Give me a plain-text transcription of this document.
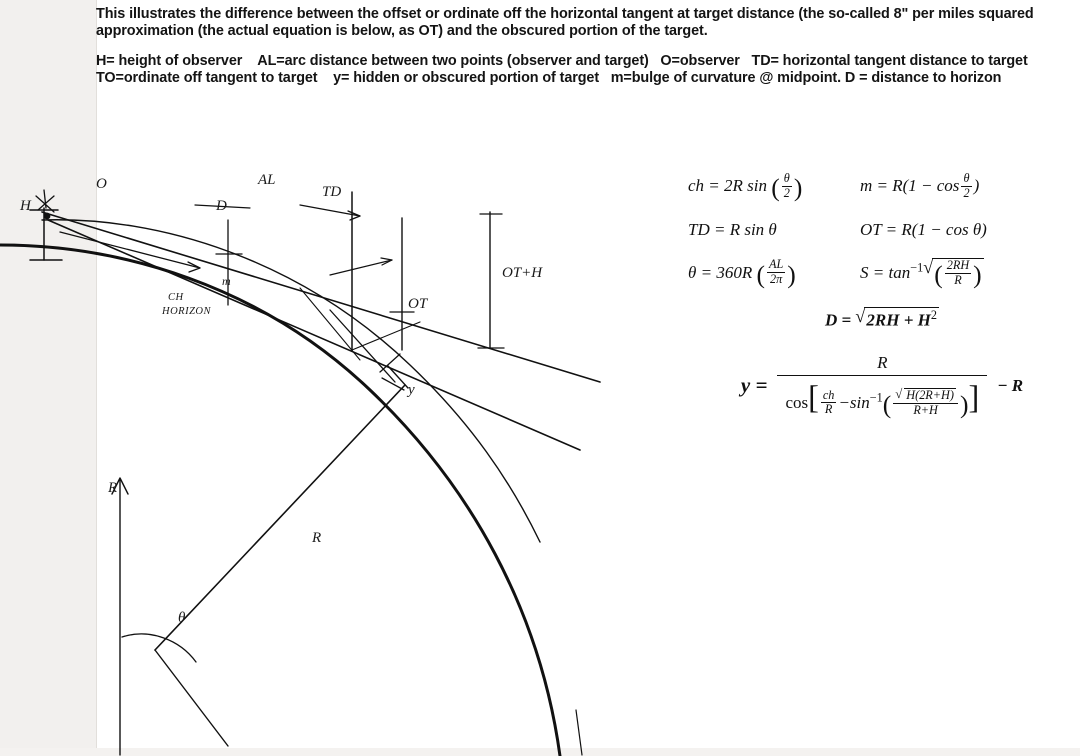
This illustrates the difference between the offset or ordinate off the horizontal tangent at target distance (the so-called 8" per miles squared approximation (the actual equation is below, as OT) and the obscured portion of the target.

H= height of observer    AL=arc distance between two points (observer and target)   O=observer   TD= horizontal tangent distance to target    TO=ordinate off tangent to target    y= hidden or obscured portion of target   m=bulge of curvature @ midpoint. D = distance to horizon

H
O	AL
D
TD
m
CH
HORIZON	OT
OT+H
y
R
R
θ
ch = 2R sin ( $\frac{\theta}{2}$ )	$m = R(1 - \cos \frac{\theta}{2}$ )
TD = R sin θ	OT = R(1 − cos θ)
θ = 360R ( $\frac{AL}{2\pi}$ )	$S = \tan^{-1}$ √ ( $\frac{2RH}{R}$ )
D = √ $2RH + H^2$
y =
R
$\cos[ \frac{ch}{R} -\sin^{-1}$( √ $\frac{H(2R+H)}{R+H}$ )]	− R
